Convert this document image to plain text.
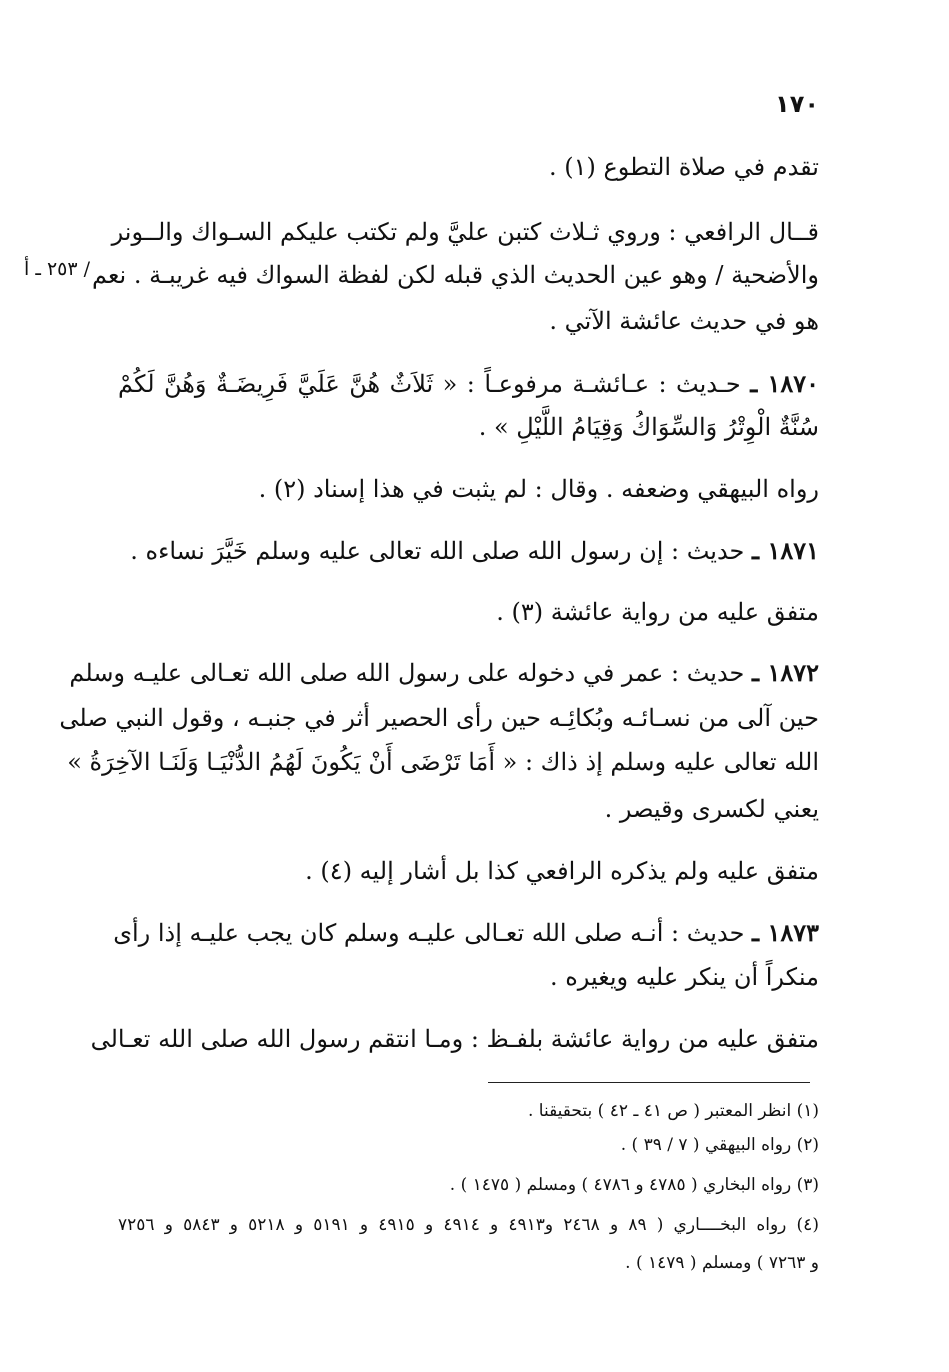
١٧٠
/ ٢٥٣ ـ أ
تقدم في صلاة التطوع (١) .
قــال الرافعي : وروي ثـلاث كتبن عليَّ ولم تكتب عليكم السـواك والــونر
والأضحية / وهو عين الحديث الذي قبله لكن لفظة السواك فيه غريبـة . نعم
هو في حديث عائشة الآتي .
١٨٧٠ ـ حـديث : عـائشـة مرفوعـاً : « ثَلاَثٌ هُنَّ عَلَيَّ فَرِيضَـةٌ وَهُنَّ لَكُمْ
سُنَّةٌ الْوِتْرُ وَالسِّوَاكُ وَقِيَامُ اللَّيْلِ » .
رواه البيهقي وضعفه . وقال : لم يثبت في هذا إسناد (٢) .
١٨٧١ ـ حديث : إن رسول الله صلى الله تعالى عليه وسلم خَيَّرَ نساءه .
متفق عليه من رواية عائشة (٣) .
١٨٧٢ ـ حديث : عمر في دخوله على رسول الله صلى الله تعـالى عليـه وسلم
حين آلى من نسـائـه وبُكائِـه حين رأى الحصير أثر في جنبـه ، وقول النبي صلى
الله تعالى عليه وسلم إذ ذاك : « أَمَا تَرْضَى أَنْ يَكُونَ لَهُمُ الدُّنْيَـا وَلَنَـا الآخِرَةُ »
يعني لكسرى وقيصر .
متفق عليه ولم يذكره الرافعي كذا بل أشار إليه (٤) .
١٨٧٣ ـ حديث : أنـه صلى الله تعـالى عليـه وسلم كان يجب عليـه إذا رأى
منكراً أن ينكر عليه ويغيره .
متفق عليه من رواية عائشة بلفـظ : ومـا انتقم رسول الله صلى الله تعـالى
(١) انظر المعتبر ( ص ٤١ ـ ٤٢ ) بتحقيقنا .
(٢) رواه البيهقي ( ٧ / ٣٩ ) .
(٣) رواه البخاري ( ٤٧٨٥ و ٤٧٨٦ ) ومسلم ( ١٤٧٥ ) .
(٤) رواه البخــــاري ( ٨٩ و ٢٤٦٨ و٤٩١٣ و ٤٩١٤ و ٤٩١٥ و ٥١٩١ و ٥٢١٨ و ٥٨٤٣ و ٧٢٥٦
و ٧٢٦٣ ) ومسلم ( ١٤٧٩ ) .
